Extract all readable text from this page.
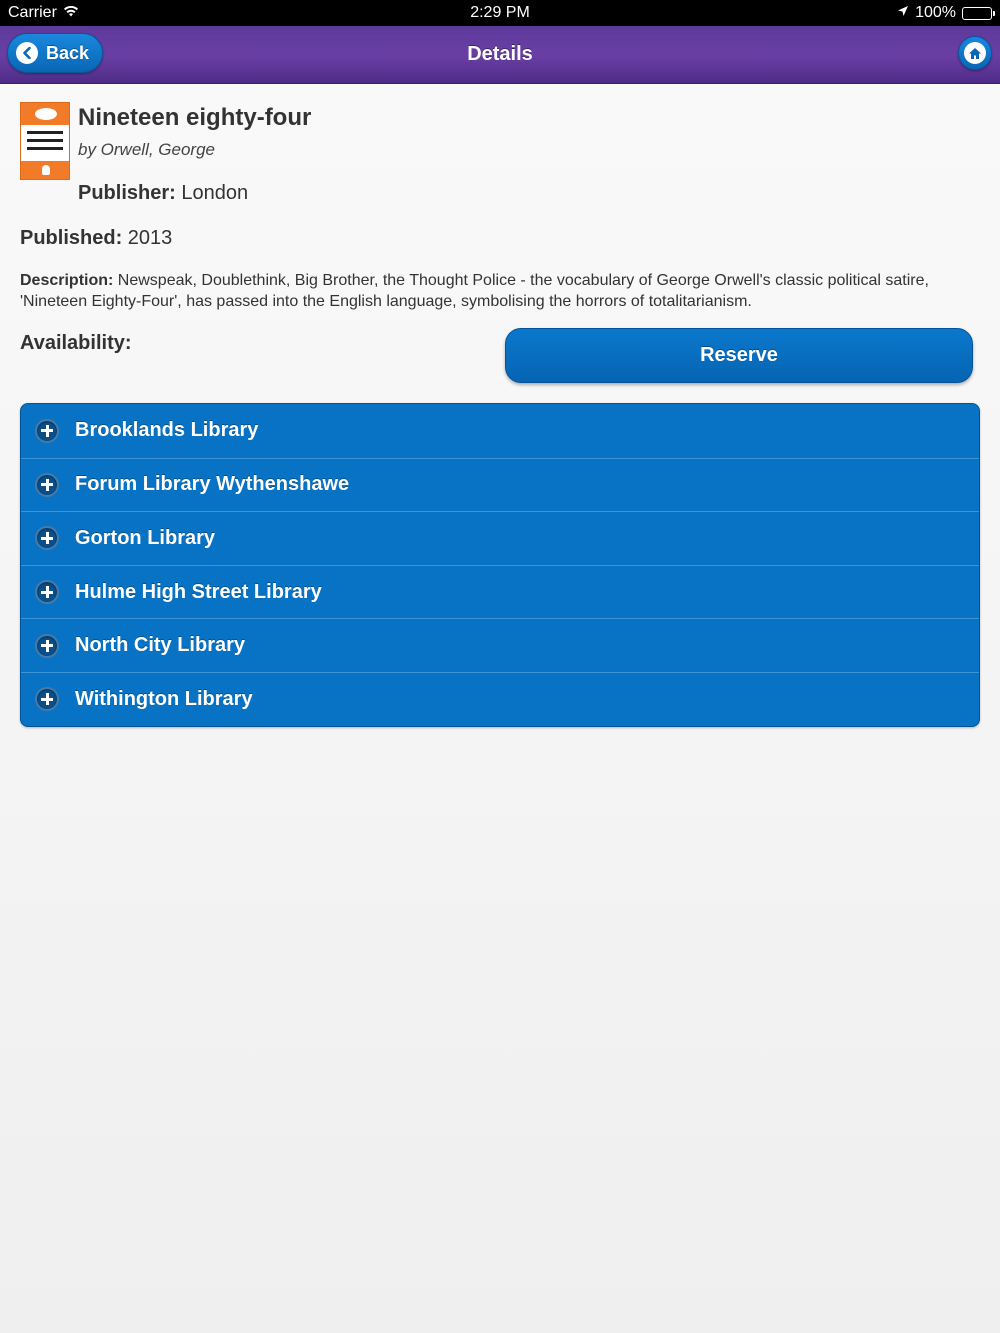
Carrier	2:29 PM	100%
Back	Details
Nineteen eighty-four
by Orwell, George
Publisher: London
Published: 2013
Description: Newspeak, Doublethink, Big Brother, the Thought Police - the vocabulary of George Orwell's classic political satire, 'Nineteen Eighty-Four', has passed into the English language, symbolising the horrors of totalitarianism.
Availability:
Reserve
Brooklands Library
Forum Library Wythenshawe
Gorton Library
Hulme High Street Library
North City Library
Withington Library
